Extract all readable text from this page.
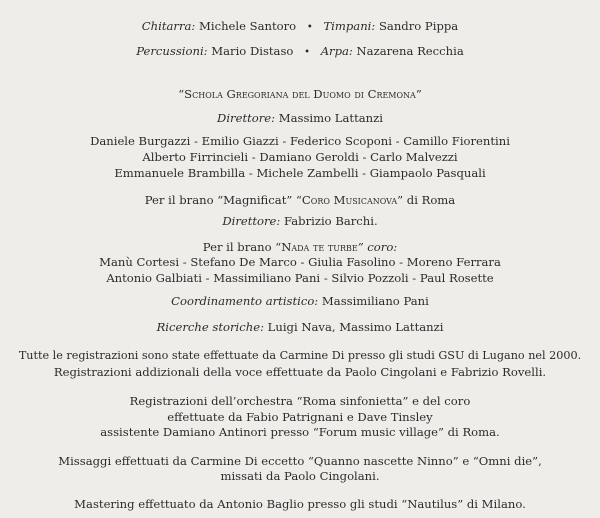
Chitarra: Michele Santoro • Timpani: Sandro Pippa
Percussioni: Mario Distaso • Arpa: Nazarena Recchia
“Schola Gregoriana del Duomo di Cremona”
Direttore: Massimo Lattanzi
Daniele Burgazzi - Emilio Giazzi - Federico Scoponi - Camillo Fiorentini
Alberto Firrincieli - Damiano Geroldi - Carlo Malvezzi
Emmanuele Brambilla - Michele Zambelli - Giampaolo Pasquali
Per il brano “Magnificat” “Coro Musicanova” di Roma
Direttore: Fabrizio Barchi.
Per il brano “Nada te turbe” coro:
Manù Cortesi - Stefano De Marco - Giulia Fasolino - Moreno Ferrara
Antonio Galbiati - Massimiliano Pani - Silvio Pozzoli - Paul Rosette
Coordinamento artistico: Massimiliano Pani
Ricerche storiche: Luigi Nava, Massimo Lattanzi
Tutte le registrazioni sono state effettuate da Carmine Di presso gli studi GSU di Lugano nel 2000.
Registrazioni addizionali della voce effettuate da Paolo Cingolani e Fabrizio Rovelli.
Registrazioni dell’orchestra “Roma sinfonietta” e del coro
effettuate da Fabio Patrignani e Dave Tinsley
assistente Damiano Antinori presso “Forum music village” di Roma.
Missaggi effettuati da Carmine Di eccetto “Quanno nascette Ninno” e “Omni die”,
missati da Paolo Cingolani.
Mastering effettuato da Antonio Baglio presso gli studi “Nautilus” di Milano.
